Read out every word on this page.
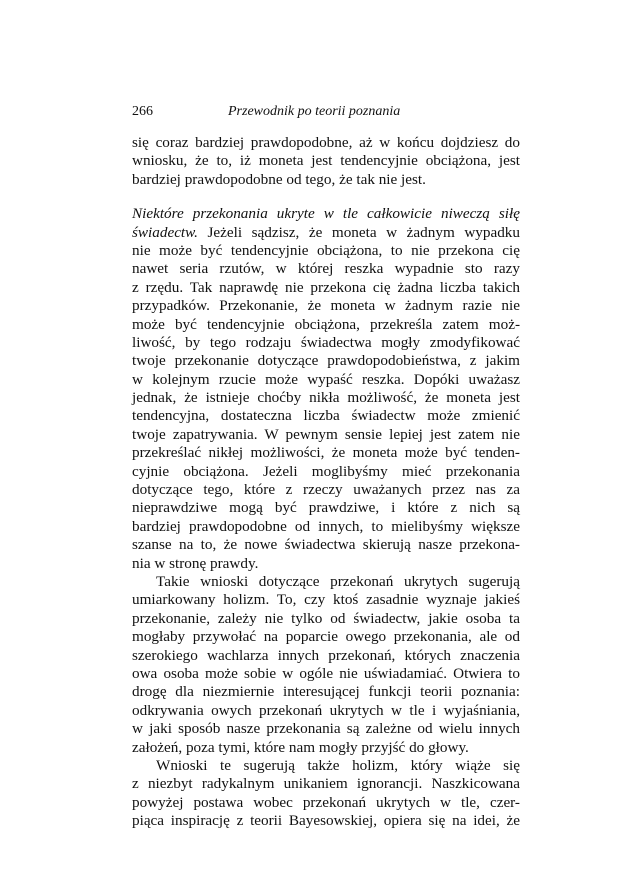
266	Przewodnik po teorii poznania
się coraz bardziej prawdopodobne, aż w końcu dojdziesz do
wniosku, że to, iż moneta jest tendencyjnie obciążona, jest
bardziej prawdopodobne od tego, że tak nie jest.
Niektóre przekonania ukryte w tle całkowicie niweczą siłę
świadectw. Jeżeli sądzisz, że moneta w żadnym wypadku
nie może być tendencyjnie obciążona, to nie przekona cię
nawet seria rzutów, w której reszka wypadnie sto razy
z rzędu. Tak naprawdę nie przekona cię żadna liczba takich
przypadków. Przekonanie, że moneta w żadnym razie nie
może być tendencyjnie obciążona, przekreśla zatem moż-
liwość, by tego rodzaju świadectwa mogły zmodyfikować
twoje przekonanie dotyczące prawdopodobieństwa, z jakim
w kolejnym rzucie może wypaść reszka. Dopóki uważasz
jednak, że istnieje choćby nikła możliwość, że moneta jest
tendencyjna, dostateczna liczba świadectw może zmienić
twoje zapatrywania. W pewnym sensie lepiej jest zatem nie
przekreślać nikłej możliwości, że moneta może być tenden-
cyjnie obciążona. Jeżeli moglibyśmy mieć przekonania
dotyczące tego, które z rzeczy uważanych przez nas za
nieprawdziwe mogą być prawdziwe, i które z nich są
bardziej prawdopodobne od innych, to mielibyśmy większe
szanse na to, że nowe świadectwa skierują nasze przekona-
nia w stronę prawdy.
Takie wnioski dotyczące przekonań ukrytych sugerują
umiarkowany holizm. To, czy ktoś zasadnie wyznaje jakieś
przekonanie, zależy nie tylko od świadectw, jakie osoba ta
mogłaby przywołać na poparcie owego przekonania, ale od
szerokiego wachlarza innych przekonań, których znaczenia
owa osoba może sobie w ogóle nie uświadamiać. Otwiera to
drogę dla niezmiernie interesującej funkcji teorii poznania:
odkrywania owych przekonań ukrytych w tle i wyjaśniania,
w jaki sposób nasze przekonania są zależne od wielu innych
założeń, poza tymi, które nam mogły przyjść do głowy.
Wnioski te sugerują także holizm, który wiąże się
z niezbyt radykalnym unikaniem ignorancji. Naszkicowana
powyżej postawa wobec przekonań ukrytych w tle, czer-
piąca inspirację z teorii Bayesowskiej, opiera się na idei, że
